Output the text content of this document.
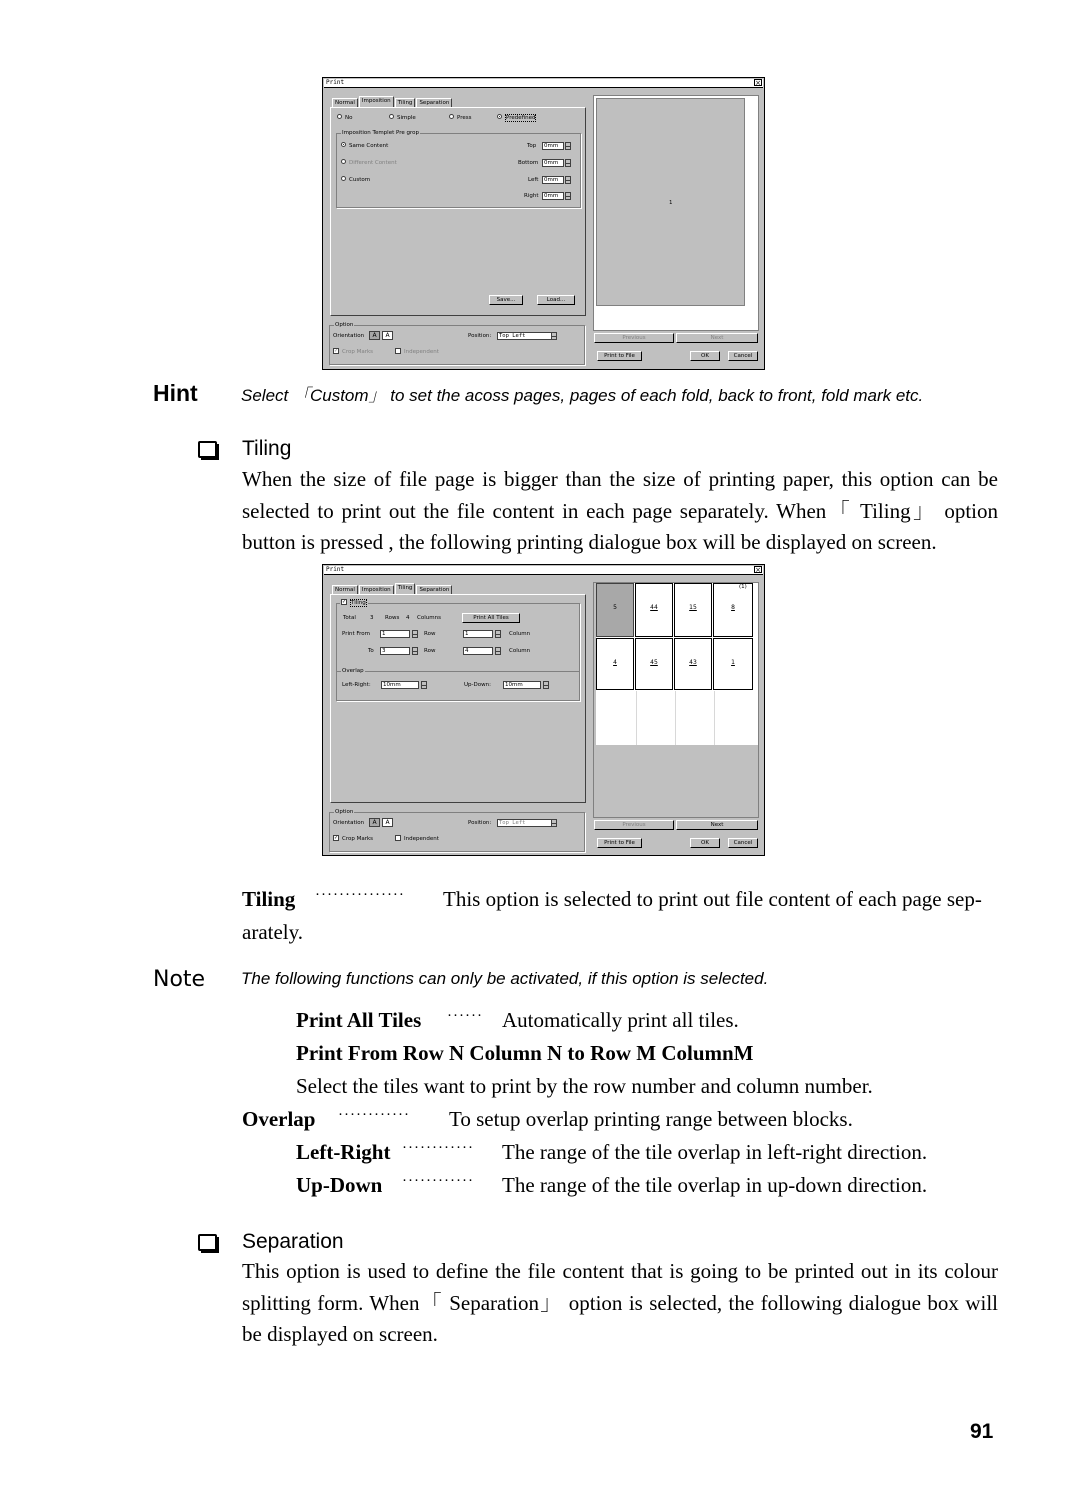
Print	×
Normal	Imposition	Tiling	Separation
No	Simple	Press	Predefined
Imposition Templet Pre grop
Same Content
Different Content
Custom
Top	0mm
Bottom	0mm
Left	0mm
Right	0mm
Save...	Load...
Option
Orientation	A	A	Position:	Top Left
✓ Crop Marks	Independent
1
Previous	Next
Print to File	OK	Cancel
Hint	Select 「Custom」 to set the acoss pages, pages of each fold, back to front, fold mark etc.
Tiling
When the size of file page is bigger than the size of printing paper, this option can be selected to print out the file content in each page separately. When「 Tiling」 option button is pressed , the following printing dialogue box will be displayed on screen.
Print	×
Normal	Imposition	Tiling	Separation
✓ Tiling
Total	3 Rows 4 Columns	Print All Tiles
Print From	1	Row	1	Column
To	3	Row	4	Column
Overlap
Left-Right:	10mm	Up-Down:	10mm
Option
Orientation	A	A	Position:	Top Left
✓ Crop Marks	Independent
(1)
5	44	15	8
4	45	43	1
Previous	Next
Print to File	OK	Cancel
Tiling ··············· This option is selected to print out file content of each page sep-
arately.
Note The following functions can only be activated, if this option is selected.
Print All Tiles ······ Automatically print all tiles.
Print From Row N Column N to Row M ColumnM
Select the tiles want to print by the row number and column number.
Overlap ············ To setup overlap printing range between blocks.
Left-Right ············ The range of the tile overlap in left-right direction.
Up-Down ············ The range of the tile overlap in up-down direction.
Separation
This option is used to define the file content that is going to be printed out in its colour splitting form. When「 Separation」 option is selected, the following dialogue box will be displayed on screen.
91
